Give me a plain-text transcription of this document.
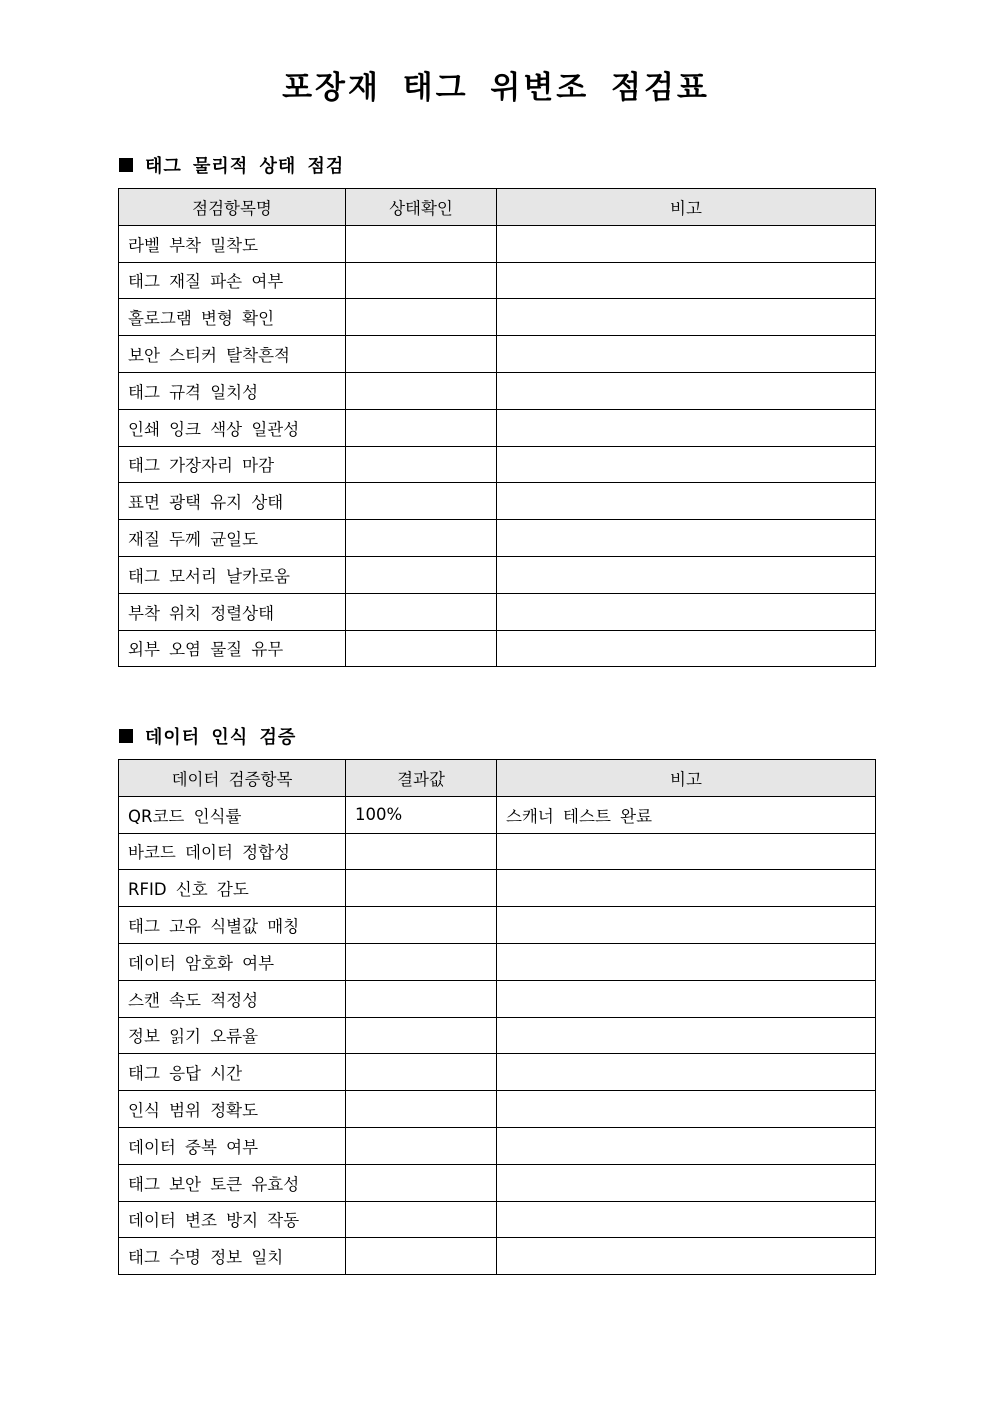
포장재 태그 위변조 점검표
태그 물리적 상태 점검
점검항목명	상태확인	비고
라벨 부착 밀착도		
태그 재질 파손 여부		
홀로그램 변형 확인		
보안 스티커 탈착흔적		
태그 규격 일치성		
인쇄 잉크 색상 일관성		
태그 가장자리 마감		
표면 광택 유지 상태		
재질 두께 균일도		
태그 모서리 날카로움		
부착 위치 정렬상태		
외부 오염 물질 유무		
데이터 인식 검증
데이터 검증항목	결과값	비고
QR코드 인식률	100%	스캐너 테스트 완료
바코드 데이터 정합성		
RFID 신호 감도		
태그 고유 식별값 매칭		
데이터 암호화 여부		
스캔 속도 적정성		
정보 읽기 오류율		
태그 응답 시간		
인식 범위 정확도		
데이터 중복 여부		
태그 보안 토큰 유효성		
데이터 변조 방지 작동		
태그 수명 정보 일치		
